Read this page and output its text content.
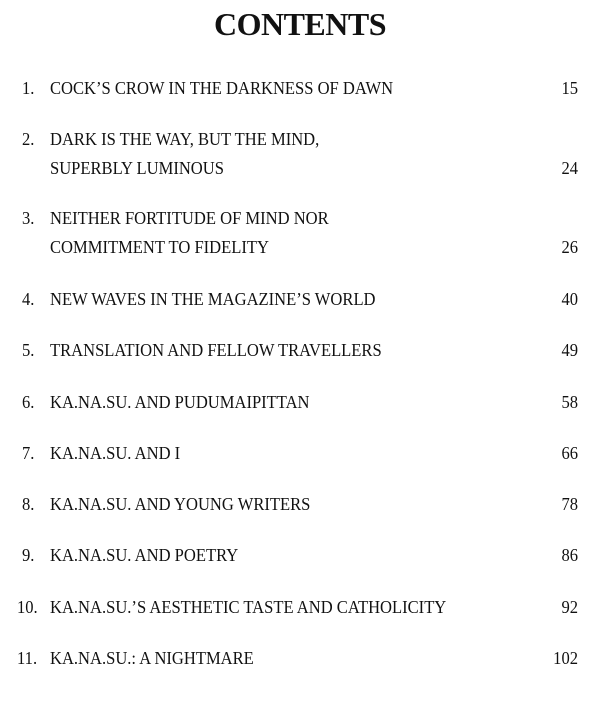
CONTENTS
1. COCK’S CROW IN THE DARKNESS OF DAWN	15
2. DARK IS THE WAY, BUT THE MIND,
SUPERBLY LUMINOUS	24
3. NEITHER FORTITUDE OF MIND NOR
COMMITMENT TO FIDELITY	26
4. NEW WAVES IN THE MAGAZINE’S WORLD	40
5. TRANSLATION AND FELLOW TRAVELLERS	49
6. KA.NA.SU. AND PUDUMAIPITTAN	58
7. KA.NA.SU. AND I	66
8. KA.NA.SU. AND YOUNG WRITERS	78
9. KA.NA.SU. AND POETRY	86
10. KA.NA.SU.’S AESTHETIC TASTE AND CATHOLICITY	92
11. KA.NA.SU.: A NIGHTMARE	102
